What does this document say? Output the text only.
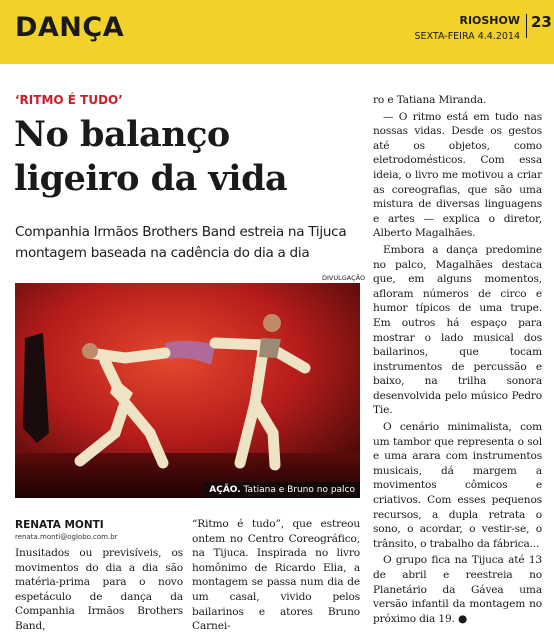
DANÇA	RIOSHOW
SEXTA-FEIRA 4.4.2014
23
‘RITMO É TUDO’
No balanço ligeiro da vida
Companhia Irmãos Brothers Band estreia na Tijuca montagem baseada na cadência do dia a dia
DIVULGAÇÃO
AÇÃO. Tatiana e Bruno no palco
RENATA MONTI
renata.monti@oglobo.com.br
Inusitados ou previsíveis, os movimentos do dia a dia são matéria-prima para o novo espetáculo de dança da Companhia Irmãos Brothers Band,
“Ritmo é tudo”, que estreou ontem no Centro Coreográfico, na Tijuca. Inspirada no livro homônimo de Ricardo Elia, a montagem se passa num dia de um casal, vivido pelos bailarinos e atores Bruno Carnei-

ro e Tatiana Miranda.

— O ritmo está em tudo nas nossas vidas. Desde os gestos até os objetos, como eletrodomésticos. Com essa ideia, o livro me motivou a criar as coreografias, que são uma mistura de diversas linguagens e artes — explica o diretor, Alberto Magalhães.

Embora a dança predomine no palco, Magalhães destaca que, em alguns momentos, afloram números de circo e humor típicos de uma trupe. Em outros há espaço para mostrar o lado musical dos bailarinos, que tocam instrumentos de percussão e baixo, na trilha sonora desenvolvida pelo músico Pedro Tie.

O cenário minimalista, com um tambor que representa o sol e uma arara com instrumentos musicais, dá margem a movimentos cômicos e criativos. Com esses pequenos recursos, a dupla retrata o sono, o acordar, o vestir-se, o trânsito, o trabalho da fábrica...

O grupo fica na Tijuca até 13 de abril e reestreia no Planetário da Gávea uma versão infantil da montagem no próximo dia 19. ●
